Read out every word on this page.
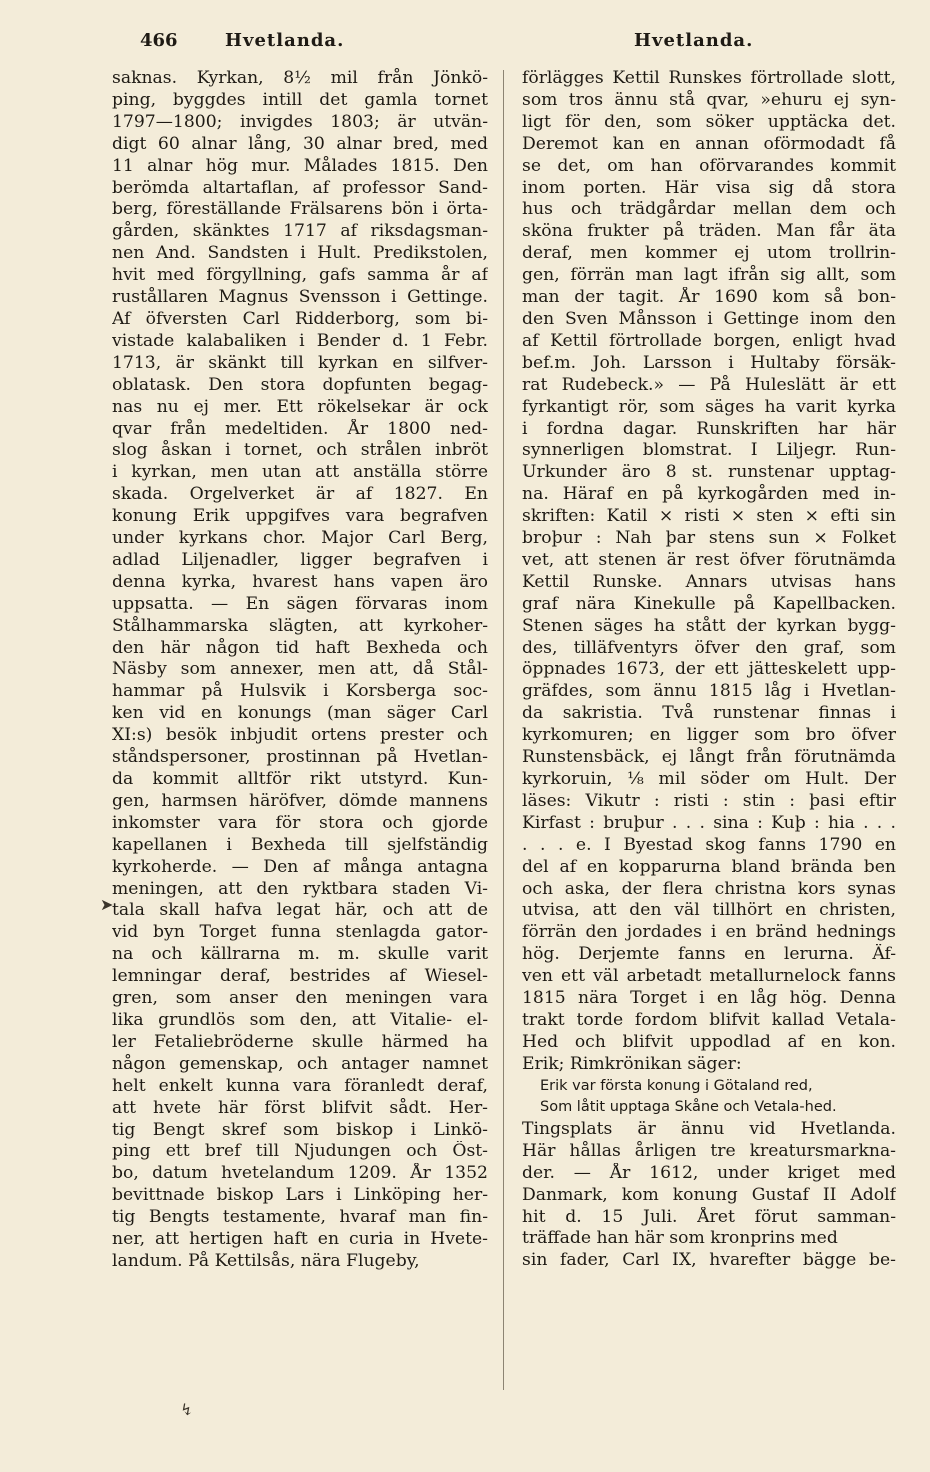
466	Hvetlanda.	Hvetlanda.
saknas. Kyrkan, 8½ mil från Jönkö-
ping, byggdes intill det gamla tornet
1797—1800; invigdes 1803; är utvän-
digt 60 alnar lång, 30 alnar bred, med
11 alnar hög mur. Målades 1815. Den
berömda altartaflan, af professor Sand-
berg, föreställande Frälsarens bön i örta-
gården, skänktes 1717 af riksdagsman-
nen And. Sandsten i Hult. Predikstolen,
hvit med förgyllning, gafs samma år af
rustållaren Magnus Svensson i Gettinge.
Af öfversten Carl Ridderborg, som bi-
vistade kalabaliken i Bender d. 1 Febr.
1713, är skänkt till kyrkan en silfver-
oblatask. Den stora dopfunten begag-
nas nu ej mer. Ett rökelsekar är ock
qvar från medeltiden. År 1800 ned-
slog åskan i tornet, och strålen inbröt
i kyrkan, men utan att anställa större
skada. Orgelverket är af 1827. En
konung Erik uppgifves vara begrafven
under kyrkans chor. Major Carl Berg,
adlad Liljenadler, ligger begrafven i
denna kyrka, hvarest hans vapen äro
uppsatta. — En sägen förvaras inom
Stålhammarska slägten, att kyrkoher-
den här någon tid haft Bexheda och
Näsby som annexer, men att, då Stål-
hammar på Hulsvik i Korsberga soc-
ken vid en konungs (man säger Carl
XI:s) besök inbjudit ortens prester och
ståndspersoner, prostinnan på Hvetlan-
da kommit alltför rikt utstyrd. Kun-
gen, harmsen häröfver, dömde mannens
inkomster vara för stora och gjorde
kapellanen i Bexheda till sjelfständig
kyrkoherde. — Den af många antagna
meningen, att den ryktbara staden Vi-
tala skall hafva legat här, och att de
vid byn Torget funna stenlagda gator-
na och källrarna m. m. skulle varit
lemningar deraf, bestrides af Wiesel-
gren, som anser den meningen vara
lika grundlös som den, att Vitalie- el-
ler Fetaliebröderne skulle härmed ha
någon gemenskap, och antager namnet
helt enkelt kunna vara föranledt deraf,
att hvete här först blifvit sådt. Her-
tig Bengt skref som biskop i Linkö-
ping ett bref till Njudungen och Öst-
bo, datum hvetelandum 1209. År 1352
bevittnade biskop Lars i Linköping her-
tig Bengts testamente, hvaraf man fin-
ner, att hertigen haft en curia in Hvete-
landum. På Kettilsås, nära Flugeby,
förlägges Kettil Runskes förtrollade slott,
som tros ännu stå qvar, »ehuru ej syn-
ligt för den, som söker upptäcka det.
Deremot kan en annan oförmodadt få
se det, om han oförvarandes kommit
inom porten. Här visa sig då stora
hus och trädgårdar mellan dem och
sköna frukter på träden. Man får äta
deraf, men kommer ej utom trollrin-
gen, förrän man lagt ifrån sig allt, som
man der tagit. År 1690 kom så bon-
den Sven Månsson i Gettinge inom den
af Kettil förtrollade borgen, enligt hvad
bef.m. Joh. Larsson i Hultaby försäk-
rat Rudebeck.» — På Huleslätt är ett
fyrkantigt rör, som säges ha varit kyrka
i fordna dagar. Runskriften har här
synnerligen blomstrat. I Liljegr. Run-
Urkunder äro 8 st. runstenar upptag-
na. Häraf en på kyrkogården med in-
skriften: Katil × risti × sten × efti sin
broþur : Nah þar stens sun × Folket
vet, att stenen är rest öfver förutnämda
Kettil Runske. Annars utvisas hans
graf nära Kinekulle på Kapellbacken.
Stenen säges ha stått der kyrkan bygg-
des, tilläfventyrs öfver den graf, som
öppnades 1673, der ett jätteskelett upp-
gräfdes, som ännu 1815 låg i Hvetlan-
da sakristia. Två runstenar finnas i
kyrkomuren; en ligger som bro öfver
Runstensbäck, ej långt från förutnämda
kyrkoruin, ⅛ mil söder om Hult. Der
läses: Vikutr : risti : stin : þasi eftir
Kirfast : bruþur . . . sina : Kuþ : hia . . .
. . . e. I Byestad skog fanns 1790 en
del af en kopparurna bland brända ben
och aska, der flera christna kors synas
utvisa, att den väl tillhört en christen,
förrän den jordades i en bränd hednings
hög. Derjemte fanns en lerurna. Äf-
ven ett väl arbetadt metallurnelock fanns
1815 nära Torget i en låg hög. Denna
trakt torde fordom blifvit kallad Vetala-
Hed och blifvit uppodlad af en kon.
Erik; Rimkrönikan säger:
Erik var första konung i Götaland red,
Som låtit upptaga Skåne och Vetala-hed.
Tingsplats är ännu vid Hvetlanda.
Här hållas årligen tre kreatursmarkna-
der. — År 1612, under kriget med
Danmark, kom konung Gustaf II Adolf
hit d. 15 Juli. Året förut samman-
träffade han här som kronprins med
sin fader, Carl IX, hvarefter bägge be-
➤
↯
